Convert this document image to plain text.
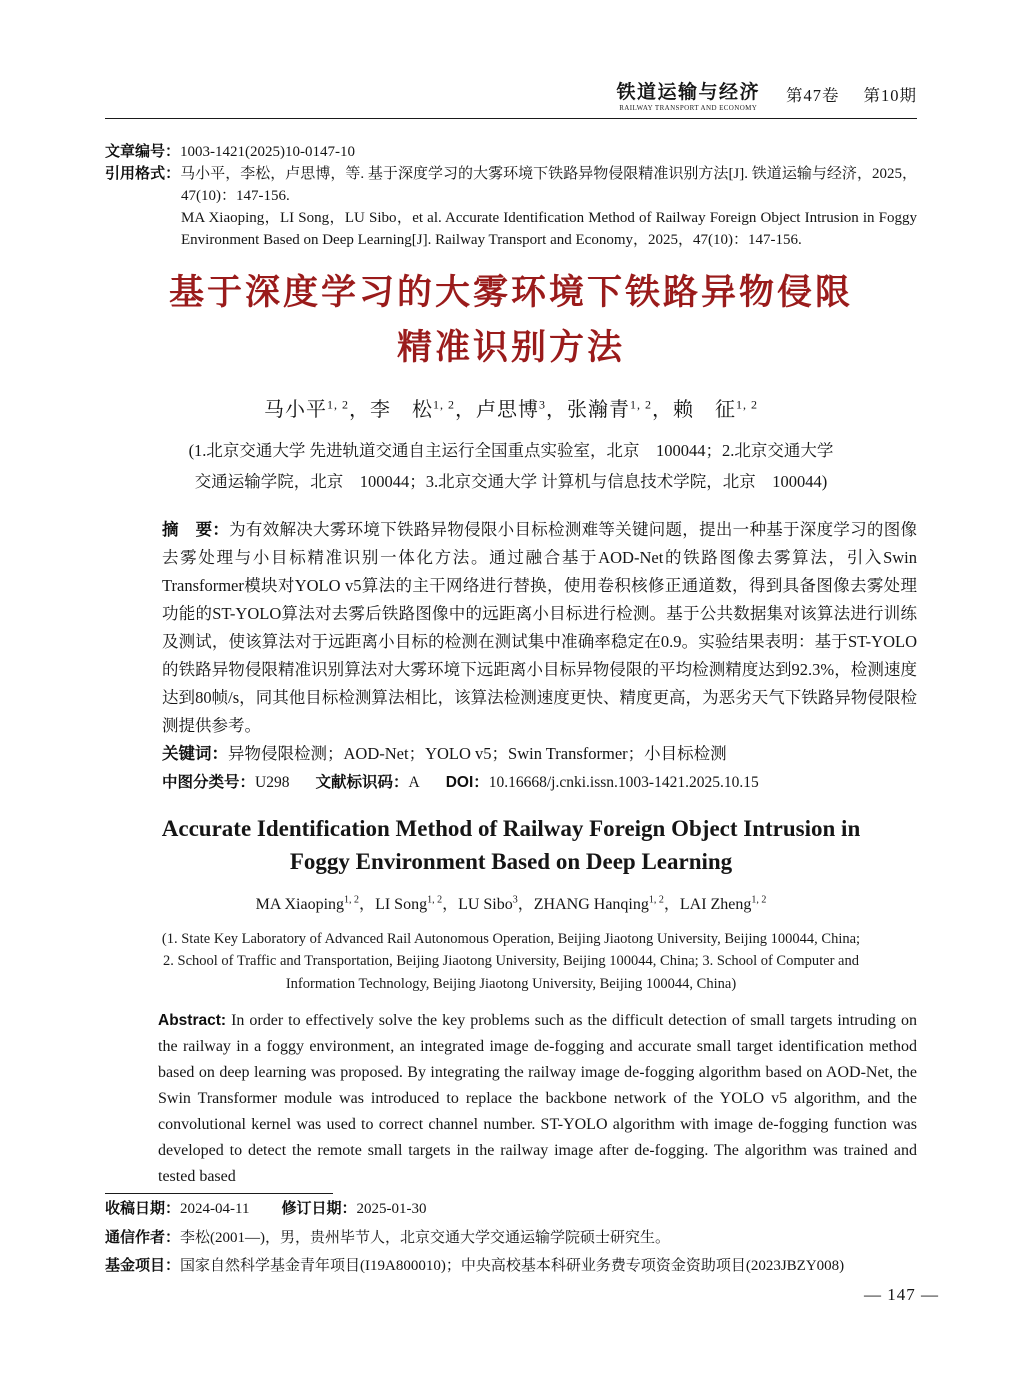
铁道运输与经济
RAILWAY TRANSPORT AND ECONOMY
第47卷 第10期
文章编号：1003-1421(2025)10-0147-10
引用格式：马小平，李松，卢思博，等. 基于深度学习的大雾环境下铁路异物侵限精准识别方法[J]. 铁道运输与经济，2025，47(10)：147-156.
MA Xiaoping，LI Song，LU Sibo，et al. Accurate Identification Method of Railway Foreign Object Intrusion in Foggy Environment Based on Deep Learning[J]. Railway Transport and Economy，2025，47(10)：147-156.
基于深度学习的大雾环境下铁路异物侵限
精准识别方法
马小平$^{1, 2}$，李　松$^{1, 2}$，卢思博$^3$，张瀚青$^{1, 2}$，赖　征$^{1, 2}$
(1.北京交通大学 先进轨道交通自主运行全国重点实验室，北京　100044；2.北京交通大学
交通运输学院，北京　100044；3.北京交通大学 计算机与信息技术学院，北京　100044)

摘　要：为有效解决大雾环境下铁路异物侵限小目标检测难等关键问题，提出一种基于深度学习的图像去雾处理与小目标精准识别一体化方法。通过融合基于AOD-Net的铁路图像去雾算法，引入Swin Transformer模块对YOLO v5算法的主干网络进行替换，使用卷积核修正通道数，得到具备图像去雾处理功能的ST-YOLO算法对去雾后铁路图像中的远距离小目标进行检测。基于公共数据集对该算法进行训练及测试，使该算法对于远距离小目标的检测在测试集中准确率稳定在0.9。实验结果表明：基于ST-YOLO的铁路异物侵限精准识别算法对大雾环境下远距离小目标异物侵限的平均检测精度达到92.3%，检测速度达到80帧/s，同其他目标检测算法相比，该算法检测速度更快、精度更高，为恶劣天气下铁路异物侵限检测提供参考。

关键词：异物侵限检测；AOD-Net；YOLO v5；Swin Transformer；小目标检测

中图分类号：U298 文献标识码：A DOI：10.16668/j.cnki.issn.1003-1421.2025.10.15

Accurate Identification Method of Railway Foreign Object Intrusion in
Foggy Environment Based on Deep Learning
MA Xiaoping$^{1, 2}$，LI Song$^{1, 2}$，LU Sibo$^3$，ZHANG Hanqing$^{1, 2}$，LAI Zheng$^{1, 2}$
(1. State Key Laboratory of Advanced Rail Autonomous Operation, Beijing Jiaotong University, Beijing 100044, China;
2. School of Traffic and Transportation, Beijing Jiaotong University, Beijing 100044, China; 3. School of Computer and
Information Technology, Beijing Jiaotong University, Beijing 100044, China)

Abstract: In order to effectively solve the key problems such as the difficult detection of small targets intruding on the railway in a foggy environment, an integrated image de-fogging and accurate small target identification method based on deep learning was proposed. By integrating the railway image de-fogging algorithm based on AOD-Net, the Swin Transformer module was introduced to replace the backbone network of the YOLO v5 algorithm, and the convolutional kernel was used to correct channel number. ST-YOLO algorithm with image de-fogging function was developed to detect the remote small targets in the railway image after de-fogging. The algorithm was trained and tested based

收稿日期：2024-04-11 修订日期：2025-01-30
通信作者：李松(2001—)，男，贵州毕节人，北京交通大学交通运输学院硕士研究生。
基金项目：国家自然科学基金青年项目(I19A800010)；中央高校基本科研业务费专项资金资助项目(2023JBZY008)
— 147 —
